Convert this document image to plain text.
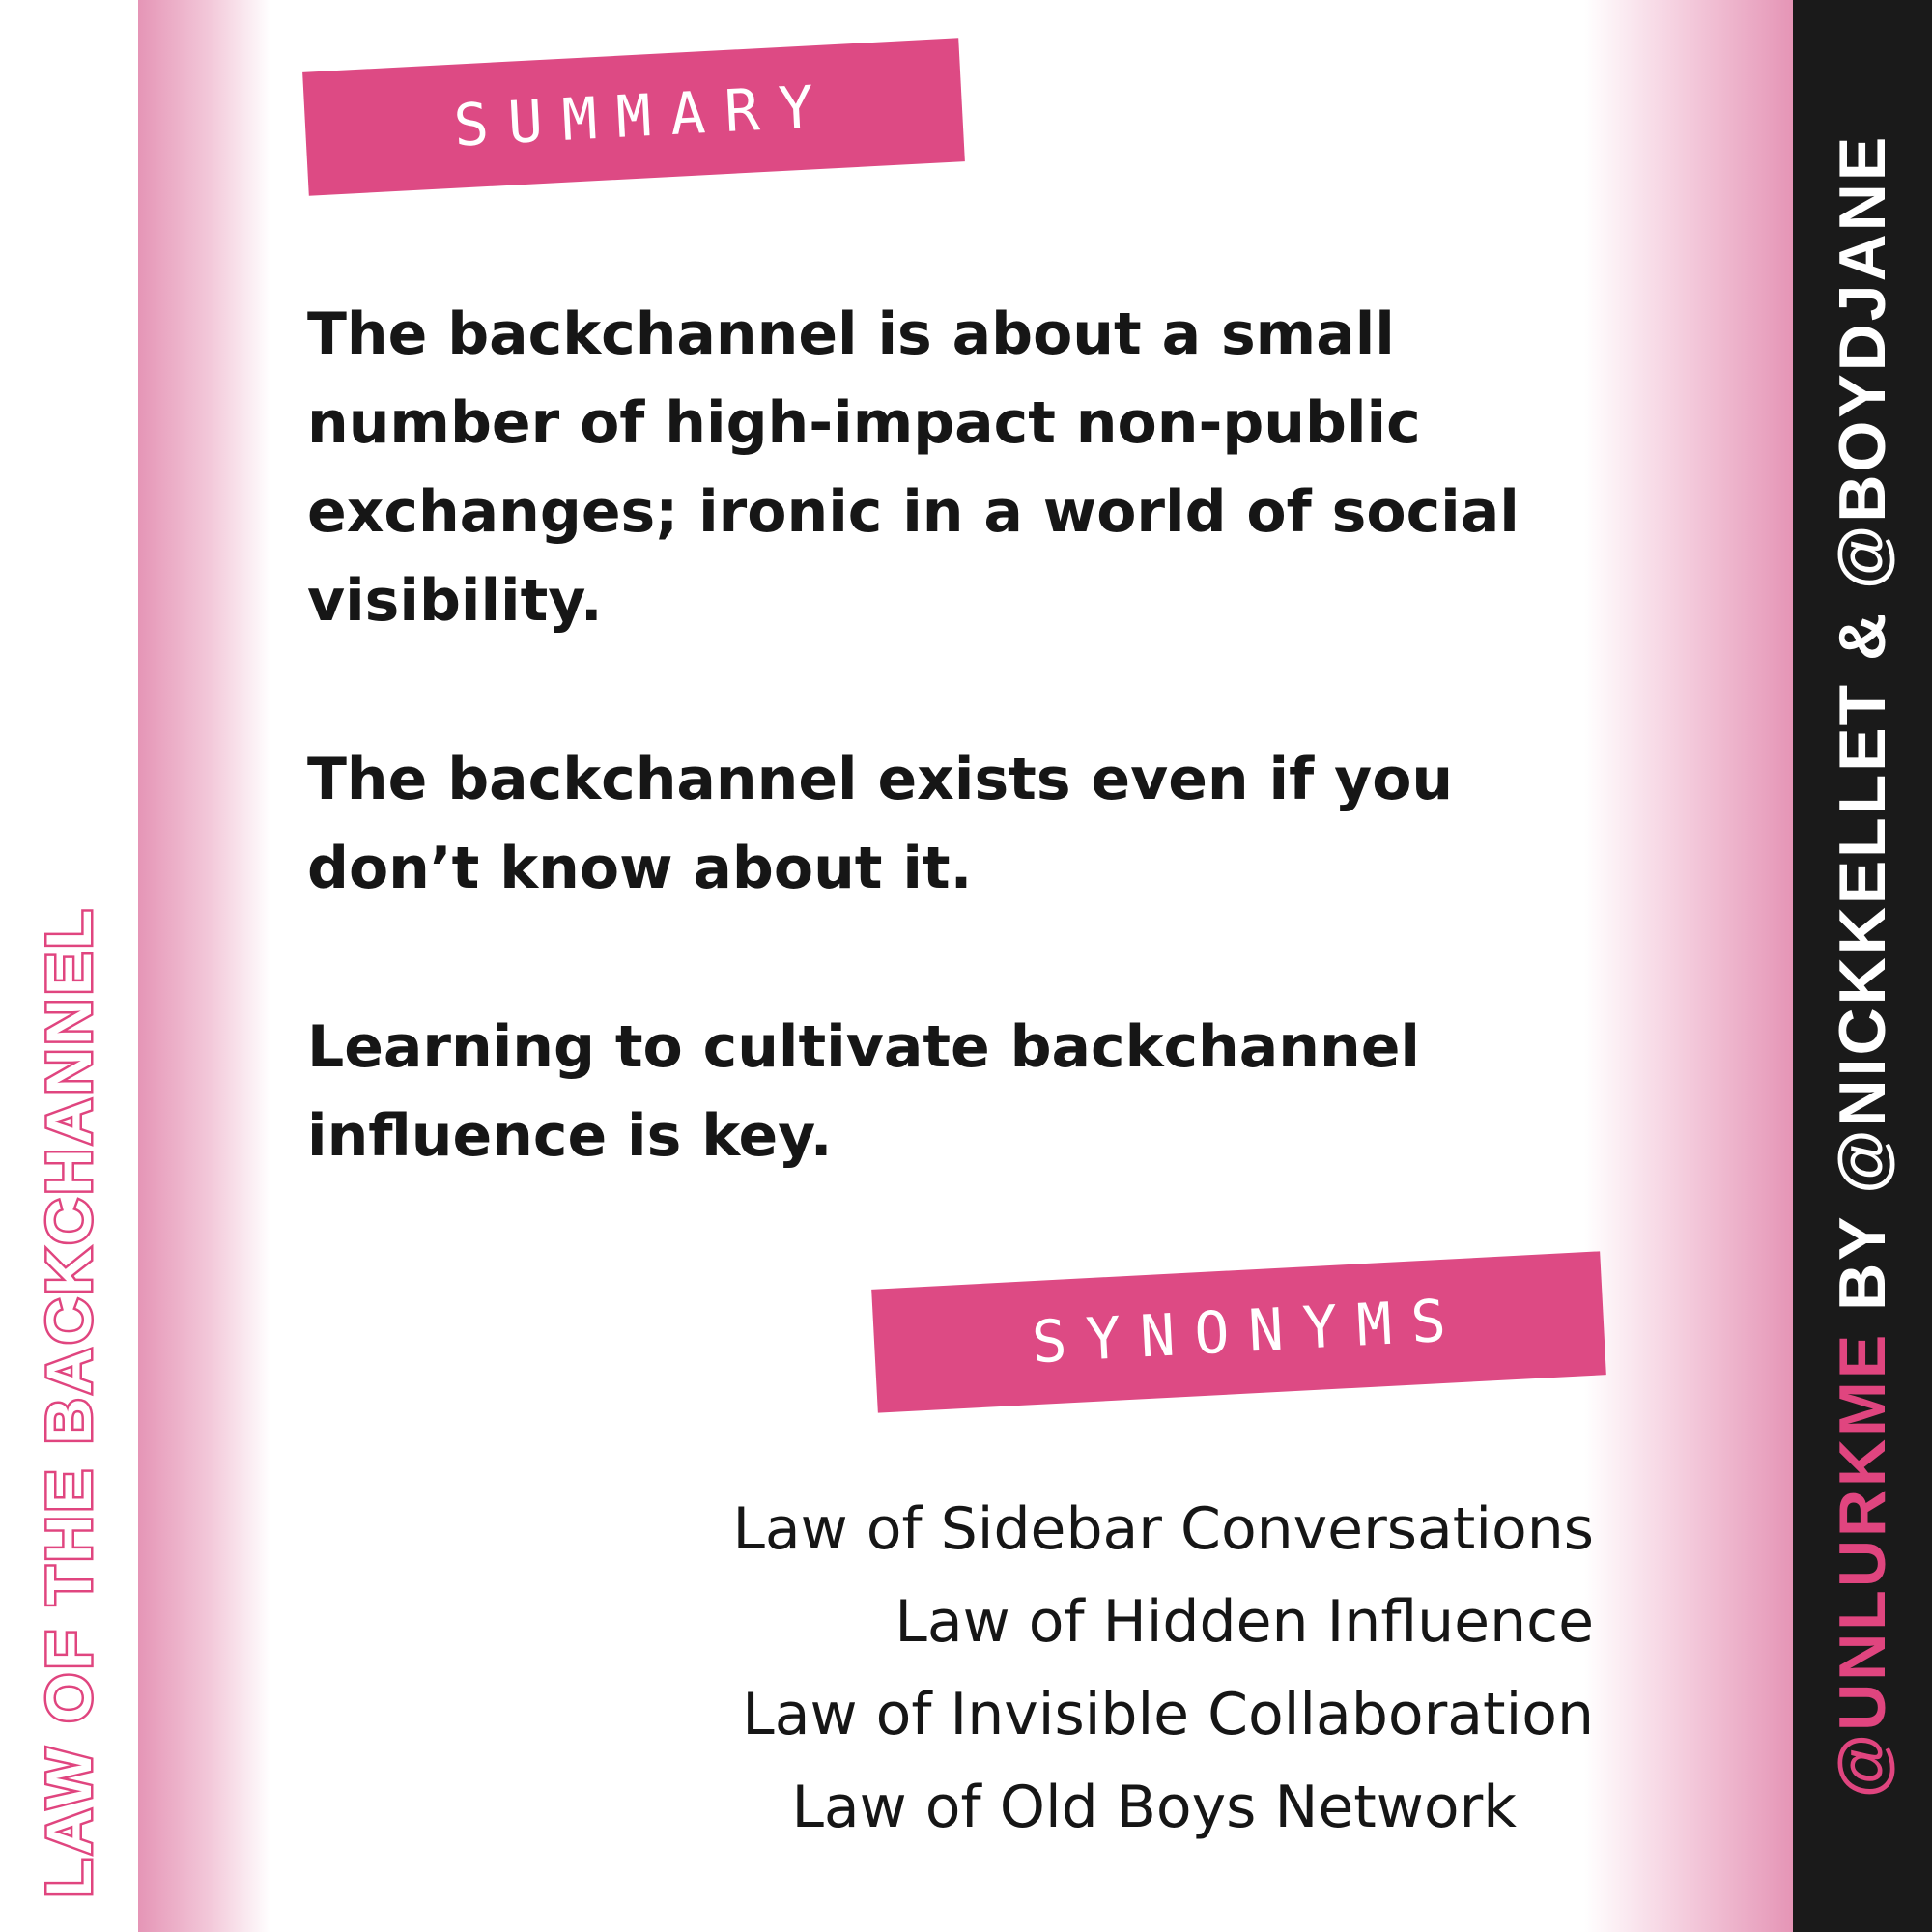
LAW OF THE BACKCHANNEL	@UNLURKME BY @NICKKELLET & @BOYDJANE
SUMMARY

The backchannel is about a small number of high-impact non-public exchanges; ironic in a world of social visibility.

The backchannel exists even if you don’t know about it.

Learning to cultivate backchannel influence is key.

SYNONYMS
Law of Sidebar Conversations
Law of Hidden Influence
Law of Invisible Collaboration
Law of Old Boys Network
